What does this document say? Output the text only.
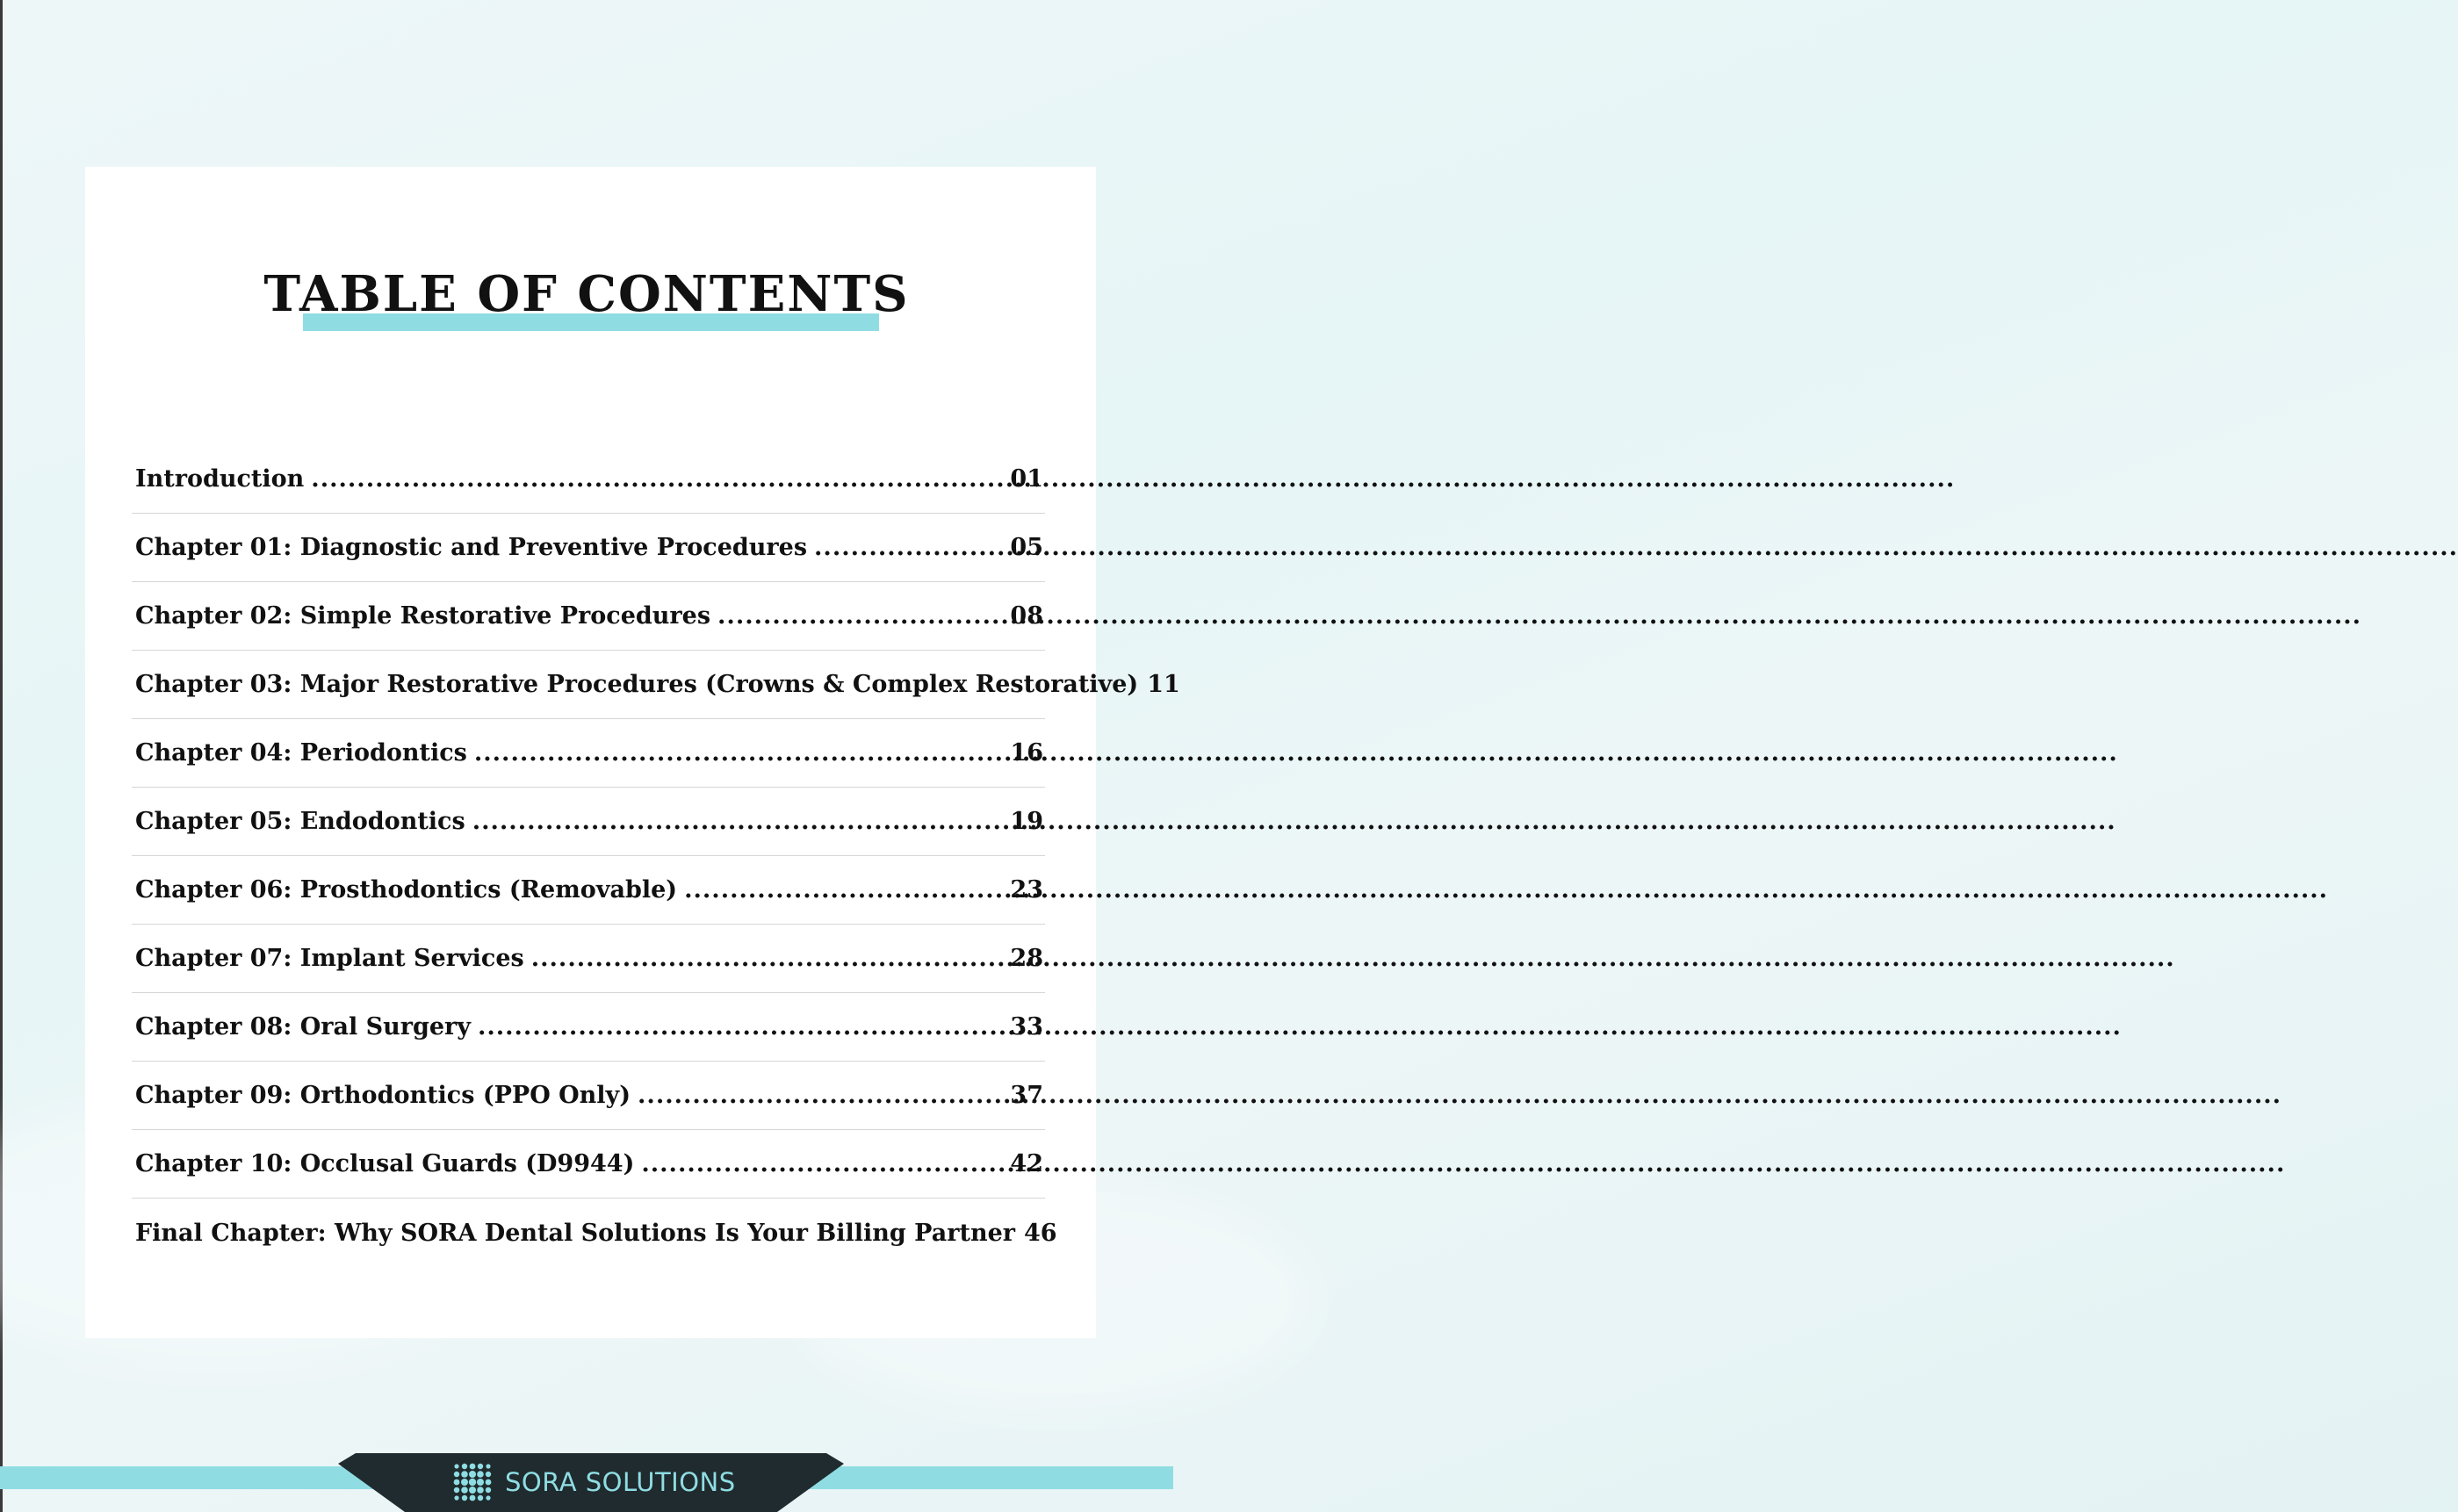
TABLE OF CONTENTS
Introduction .....	01
Chapter 01: Diagnostic and Preventive Procedures .....	05
Chapter 02: Simple Restorative Procedures .....	08
Chapter 03: Major Restorative Procedures (Crowns & Complex Restorative) 11
Chapter 04: Periodontics .....	16
Chapter 05: Endodontics .....	19
Chapter 06: Prosthodontics (Removable) .....	23
Chapter 07: Implant Services .....	28
Chapter 08: Oral Surgery .....	33
Chapter 09: Orthodontics (PPO Only) .....	37
Chapter 10: Occlusal Guards (D9944) .....	42
Final Chapter: Why SORA Dental Solutions Is Your Billing Partner 46
SORA SOLUTIONS
